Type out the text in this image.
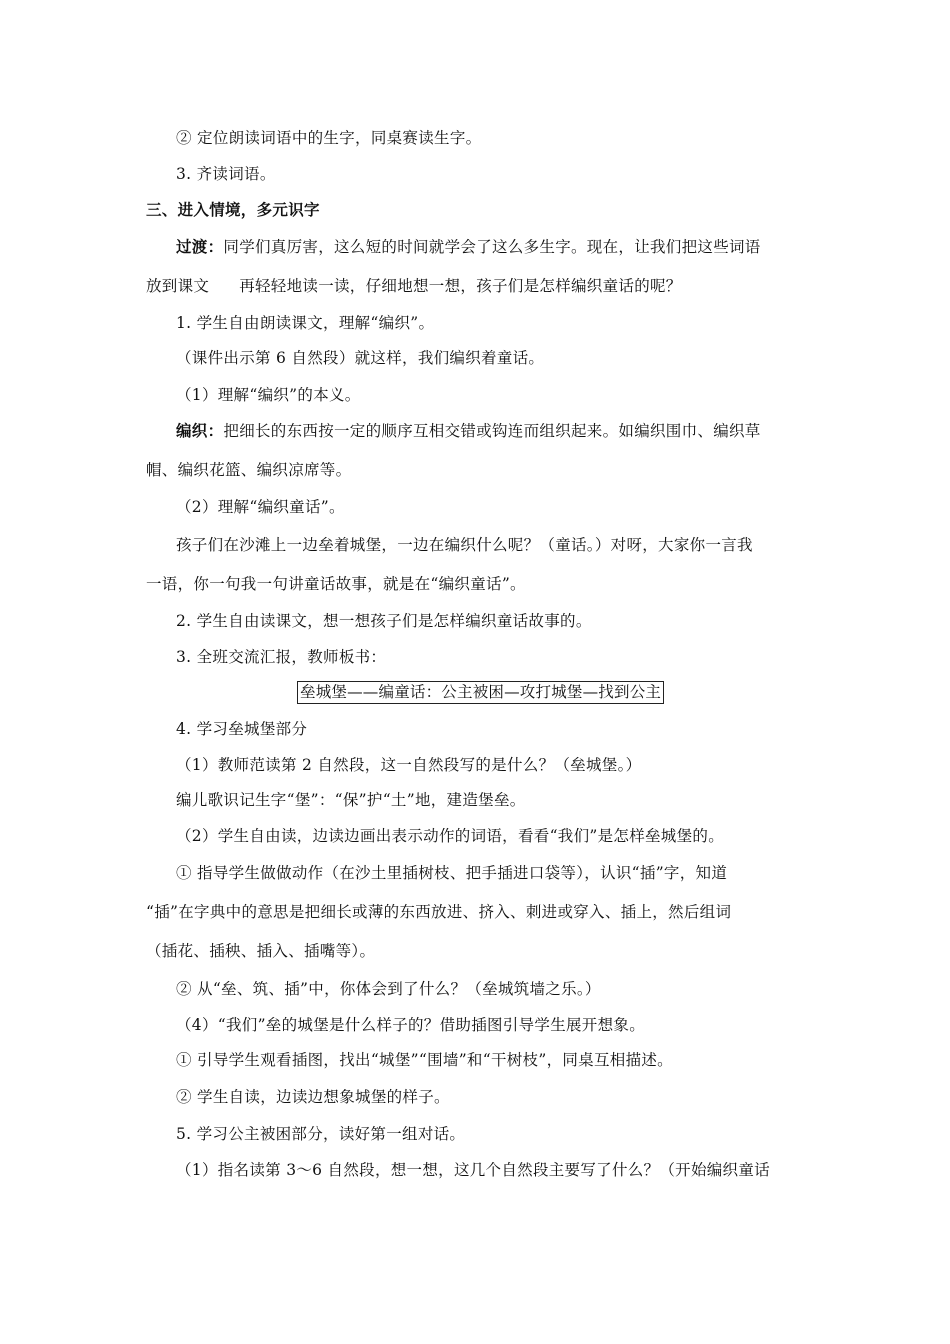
② 定位朗读词语中的生字，同桌赛读生字。
3. 齐读词语。
三、进入情境，多元识字
过渡：同学们真厉害，这么短的时间就学会了这么多生字。现在，让我们把这些词语
放到课文 再轻轻地读一读，仔细地想一想，孩子们是怎样编织童话的呢？
1. 学生自由朗读课文，理解“编织”。
（课件出示第 6 自然段）就这样，我们编织着童话。
（1）理解“编织”的本义。
编织：把细长的东西按一定的顺序互相交错或钩连而组织起来。如编织围巾、编织草
帽、编织花篮、编织凉席等。
（2）理解“编织童话”。
孩子们在沙滩上一边垒着城堡，一边在编织什么呢？（童话。）对呀，大家你一言我
一语，你一句我一句讲童话故事，就是在“编织童话”。
2. 学生自由读课文，想一想孩子们是怎样编织童话故事的。
3. 全班交流汇报，教师板书：
垒城堡——编童话：公主被困—攻打城堡—找到公主
4. 学习垒城堡部分
（1）教师范读第 2 自然段，这一自然段写的是什么？（垒城堡。）
编儿歌识记生字“堡”：“保”护“土”地，建造堡垒。
（2）学生自由读，边读边画出表示动作的词语，看看“我们”是怎样垒城堡的。
① 指导学生做做动作（在沙土里插树枝、把手插进口袋等），认识“插”字，知道
“插”在字典中的意思是把细长或薄的东西放进、挤入、刺进或穿入、插上，然后组词
（插花、插秧、插入、插嘴等）。
② 从“垒、筑、插”中，你体会到了什么？（垒城筑墙之乐。）
（4）“我们”垒的城堡是什么样子的？借助插图引导学生展开想象。
① 引导学生观看插图，找出“城堡”“围墙”和“干树枝”，同桌互相描述。
② 学生自读，边读边想象城堡的样子。
5. 学习公主被困部分，读好第一组对话。
（1）指名读第 3～6 自然段，想一想，这几个自然段主要写了什么？（开始编织童话
